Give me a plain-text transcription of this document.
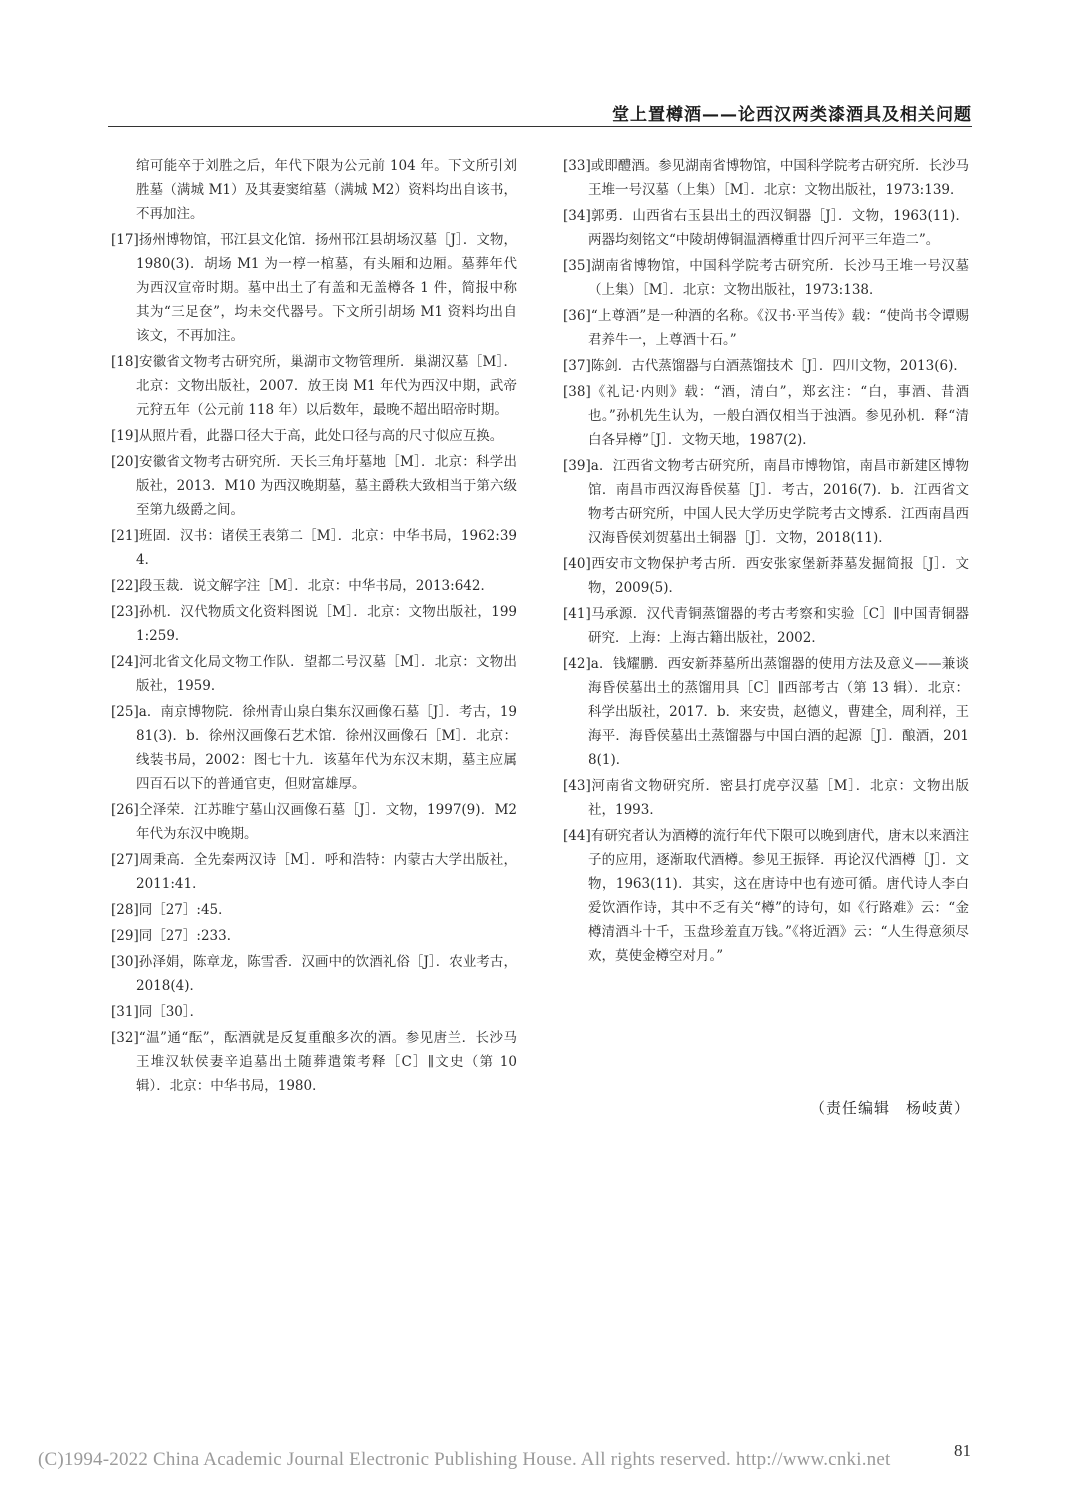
堂上置樽酒——论西汉两类漆酒具及相关问题

绾可能卒于刘胜之后，年代下限为公元前 104 年。下文所引刘胜墓（满城 M1）及其妻窦绾墓（满城 M2）资料均出自该书，不再加注。

[17]扬州博物馆，邗江县文化馆．扬州邗江县胡场汉墓［J］．文物，1980(3)．胡场 M1 为一椁一棺墓，有头厢和边厢。墓葬年代为西汉宣帝时期。墓中出土了有盖和无盖樽各 1 件，简报中称其为“三足奁”，均未交代器号。下文所引胡场 M1 资料均出自该文，不再加注。

[18]安徽省文物考古研究所，巢湖市文物管理所．巢湖汉墓［M］．北京：文物出版社，2007．放王岗 M1 年代为西汉中期，武帝元狩五年（公元前 118 年）以后数年，最晚不超出昭帝时期。

[19]从照片看，此器口径大于高，此处口径与高的尺寸似应互换。

[20]安徽省文物考古研究所．天长三角圩墓地［M］．北京：科学出版社，2013．M10 为西汉晚期墓，墓主爵秩大致相当于第六级至第九级爵之间。

[21]班固．汉书：诸侯王表第二［M］．北京：中华书局，1962:394．

[22]段玉裁．说文解字注［M］．北京：中华书局，2013:642．

[23]孙机．汉代物质文化资料图说［M］．北京：文物出版社，1991:259．

[24]河北省文化局文物工作队．望都二号汉墓［M］．北京：文物出版社，1959．

[25]a．南京博物院．徐州青山泉白集东汉画像石墓［J］．考古，1981(3)．b．徐州汉画像石艺术馆．徐州汉画像石［M］．北京：线装书局，2002：图七十九．该墓年代为东汉末期，墓主应属四百石以下的普通官吏，但财富雄厚。

[26]仝泽荣．江苏睢宁墓山汉画像石墓［J］．文物，1997(9)．M2 年代为东汉中晚期。

[27]周秉高．全先秦两汉诗［M］．呼和浩特：内蒙古大学出版社，2011:41．

[28]同［27］:45．

[29]同［27］:233．

[30]孙泽娟，陈章龙，陈雪香．汉画中的饮酒礼俗［J］．农业考古，2018(4)．

[31]同［30］．

[32]“温”通“酝”，酝酒就是反复重酿多次的酒。参见唐兰．长沙马王堆汉轪侯妻辛追墓出土随葬遣策考释［C］∥文史（第 10 辑）．北京：中华书局，1980．

[33]或即醴酒。参见湖南省博物馆，中国科学院考古研究所．长沙马王堆一号汉墓（上集）［M］．北京：文物出版社，1973:139．

[34]郭勇．山西省右玉县出土的西汉铜器［J］．文物，1963(11)．两器均刻铭文“中陵胡傅铜温酒樽重廿四斤河平三年造二”。

[35]湖南省博物馆，中国科学院考古研究所．长沙马王堆一号汉墓（上集）［M］．北京：文物出版社，1973:138．

[36]“上尊酒”是一种酒的名称。《汉书·平当传》载：“使尚书令谭赐君养牛一，上尊酒十石。”

[37]陈剑．古代蒸馏器与白酒蒸馏技术［J］．四川文物，2013(6)．

[38]《礼记·内则》载：“酒，清白”，郑玄注：“白，事酒、昔酒也。”孙机先生认为，一般白酒仅相当于浊酒。参见孙机．释“清白各异樽”［J］．文物天地，1987(2)．

[39]a．江西省文物考古研究所，南昌市博物馆，南昌市新建区博物馆．南昌市西汉海昏侯墓［J］．考古，2016(7)．b．江西省文物考古研究所，中国人民大学历史学院考古文博系．江西南昌西汉海昏侯刘贺墓出土铜器［J］．文物，2018(11)．

[40]西安市文物保护考古所．西安张家堡新莽墓发掘简报［J］．文物，2009(5)．

[41]马承源．汉代青铜蒸馏器的考古考察和实验［C］∥中国青铜器研究．上海：上海古籍出版社，2002．

[42]a．钱耀鹏．西安新莽墓所出蒸馏器的使用方法及意义——兼谈海昏侯墓出土的蒸馏用具［C］∥西部考古（第 13 辑）．北京：科学出版社，2017．b．来安贵，赵德义，曹建全，周利祥，王海平．海昏侯墓出土蒸馏器与中国白酒的起源［J］．酿酒，2018(1)．

[43]河南省文物研究所．密县打虎亭汉墓［M］．北京：文物出版社，1993．

[44]有研究者认为酒樽的流行年代下限可以晚到唐代，唐末以来酒注子的应用，逐渐取代酒樽。参见王振铎．再论汉代酒樽［J］．文物，1963(11)．其实，这在唐诗中也有迹可循。唐代诗人李白爱饮酒作诗，其中不乏有关“樽”的诗句，如《行路难》云：“金樽清酒斗十千，玉盘珍羞直万钱。”《将近酒》云：“人生得意须尽欢，莫使金樽空对月。”

（责任编辑　杨岐黄）
(C)1994-2022 China Academic Journal Electronic Publishing House. All rights reserved. http://www.cnki.net	81
